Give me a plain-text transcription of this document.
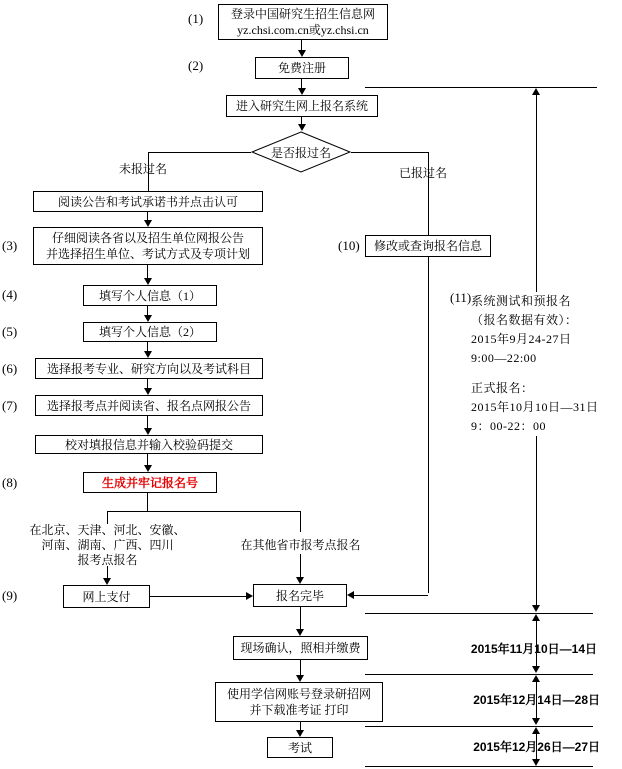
(1)
(2)
(3)
(4)
(5)
(6)
(7)
(8)
(9)
(10)
(11)
登录中国研究生招生信息网
yz.chsi.com.cn或yz.chsi.cn
免费注册
进入研究生网上报名系统
是否报过名
未报过名	已报过名
阅读公告和考试承诺书并点击认可
仔细阅读各省以及招生单位网报公告
并选择招生单位、考试方式及专项计划
填写个人信息（1）
填写个人信息（2）
选择报考专业、研究方向以及考试科目
选择报考点并阅读省、报名点网报公告
校对填报信息并输入校验码提交
生成并牢记报名号
在北京、天津、河北、安徽、
河南、湖南、广西、四川
报考点报名
在其他省市报考点报名
网上支付	报名完毕
修改或查询报名信息
现场确认，照相并缴费
使用学信网账号登录研招网
并下载准考证 打印
考试
2015年11月10日—14日
2015年12月14日—28日
2015年12月26日—27日
系统测试和预报名
（报名数据有效）：
2015年9月24-27日
9:00—22:00
正式报名：
2015年10月10日—31日
9：00-22：00
